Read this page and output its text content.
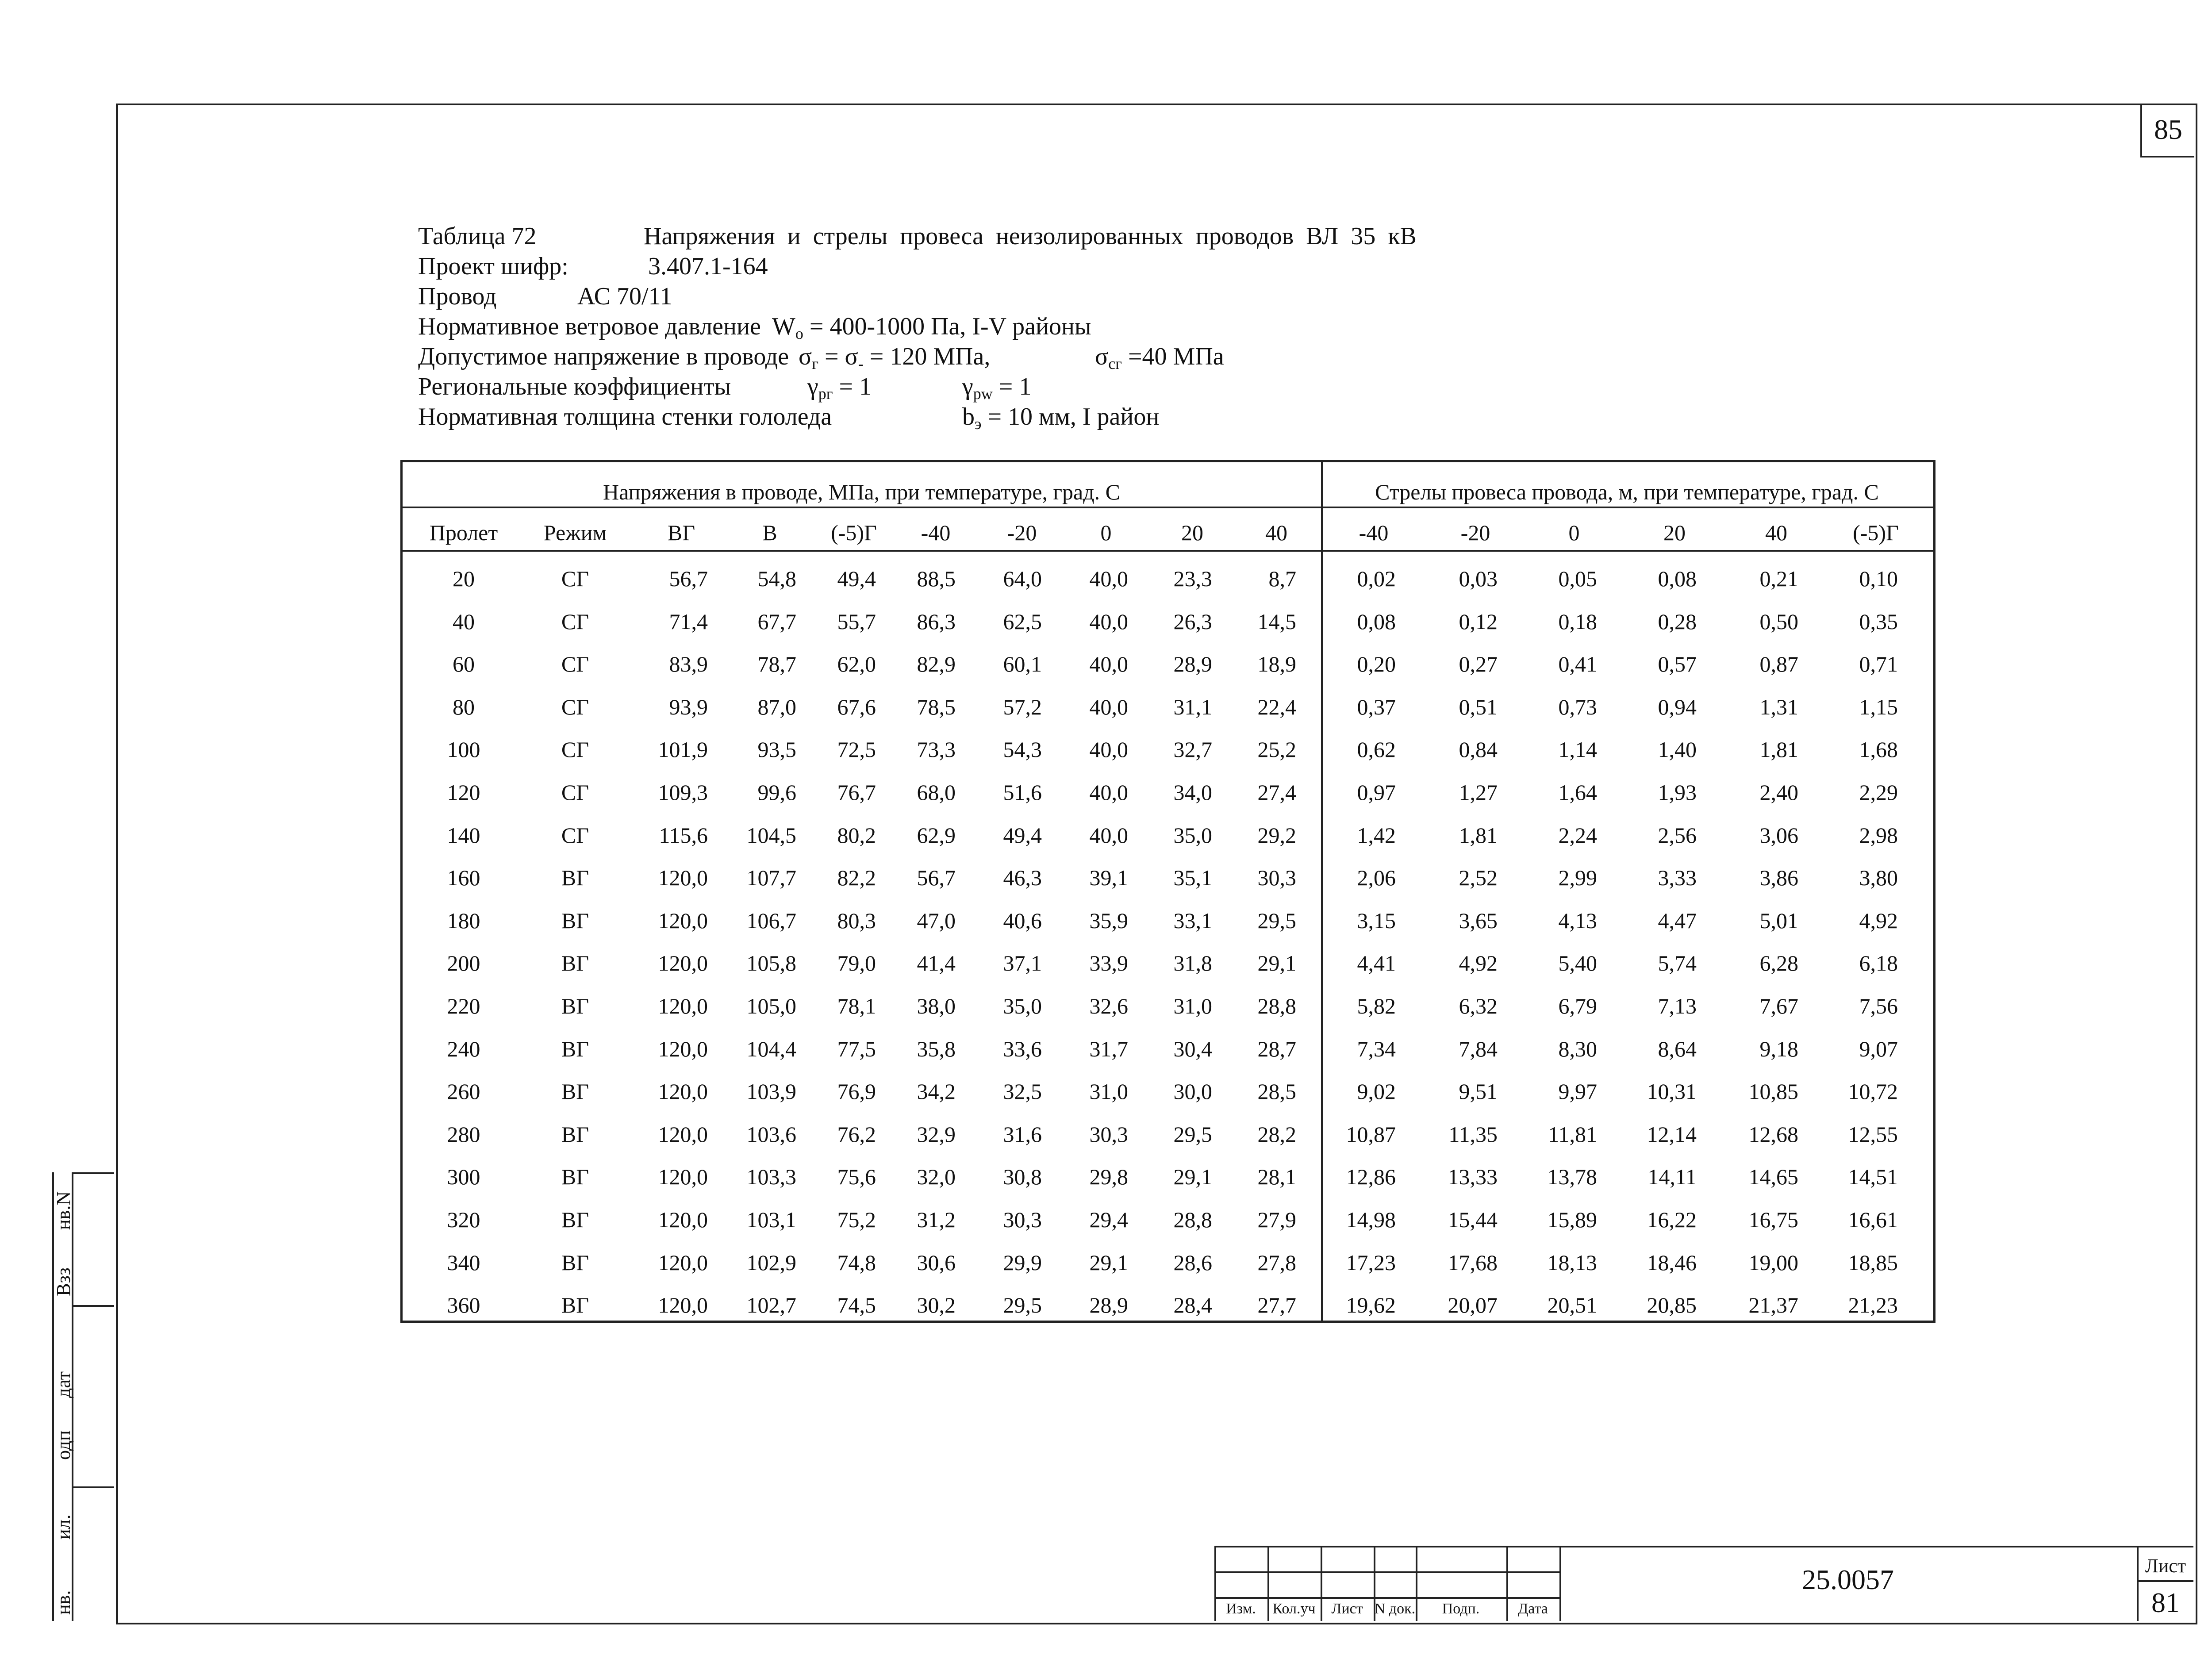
85
Таблица 72	Напряжения и стрелы провеса неизолированных проводов ВЛ 35 кВ
Проект шифр:	3.407.1-164
Провод	АС 70/11
Нормативное ветровое давление $W_o = 400-1000$ Па, I-V районы
Допустимое напряжение в проводе $\sigma_г = \sigma_- = 120$ МПа,	$\sigma_{сг} =40$ МПа
Региональные коэффициенты	$\gamma_{pг} = 1$	$\gamma_{pw} = 1$
Нормативная толщина стенки гололеда	$b_э = 10$ мм, I район
Напряжения в проводе, МПа, при температуре, град. С	Стрелы провеса провода, м, при температуре, град. С
Пролет Режим	ВГ	В (-5)Г -40	-20	0	20	40	-40	-20	0	20	40	(-5)Г
20	СГ	56,7 54,8 49,4 88,5 64,0 40,0 23,3	8,7	0,02	0,03	0,05	0,08	0,21	0,10
40	СГ	71,4 67,7 55,7 86,3 62,5 40,0 26,3 14,5	0,08	0,12	0,18	0,28	0,50	0,35
60	СГ	83,9 78,7 62,0 82,9 60,1 40,0 28,9 18,9	0,20	0,27	0,41	0,57	0,87	0,71
80	СГ	93,9 87,0 67,6 78,5 57,2 40,0 31,1 22,4	0,37	0,51	0,73	0,94	1,31	1,15
100	СГ	101,9 93,5 72,5 73,3 54,3 40,0 32,7 25,2	0,62	0,84	1,14	1,40	1,81	1,68
120	СГ	109,3 99,6 76,7 68,0 51,6 40,0 34,0 27,4	0,97	1,27	1,64	1,93	2,40	2,29
140	СГ	115,6 104,5 80,2 62,9 49,4 40,0 35,0 29,2	1,42	1,81	2,24	2,56	3,06	2,98
160	ВГ	120,0 107,7 82,2 56,7 46,3 39,1 35,1 30,3	2,06	2,52	2,99	3,33	3,86	3,80
180	ВГ	120,0 106,7 80,3 47,0 40,6 35,9 33,1 29,5	3,15	3,65	4,13	4,47	5,01	4,92
200	ВГ	120,0 105,8 79,0 41,4 37,1 33,9 31,8 29,1	4,41	4,92	5,40	5,74	6,28	6,18
220	ВГ	120,0 105,0 78,1 38,0 35,0 32,6 31,0 28,8	5,82	6,32	6,79	7,13	7,67	7,56
240	ВГ	120,0 104,4 77,5 35,8 33,6 31,7 30,4 28,7	7,34	7,84	8,30	8,64	9,18	9,07
260	ВГ	120,0 103,9 76,9 34,2 32,5 31,0 30,0 28,5	9,02	9,51	9,97 10,31 10,85 10,72
280	ВГ	120,0 103,6 76,2 32,9 31,6 30,3 29,5 28,2 10,87 11,35 11,81 12,14 12,68 12,55
300	ВГ	120,0 103,3 75,6 32,0 30,8 29,8 29,1 28,1 12,86 13,33 13,78 14,11 14,65 14,51
320	ВГ	120,0 103,1 75,2 31,2 30,3 29,4 28,8 27,9 14,98 15,44 15,89 16,22 16,75 16,61
340	ВГ	120,0 102,9 74,8 30,6 29,9 29,1 28,6 27,8 17,23 17,68 18,13 18,46 19,00 18,85
360	ВГ	120,0 102,7 74,5 30,2 29,5 28,9 28,4 27,7 19,62 20,07 20,51 20,85 21,37 21,23
нв.
ил.
одп
дат
Взз
нв.N
Изм. Кол.уч Лист N док. Подп.	Дата
25.0057	Лист
81
